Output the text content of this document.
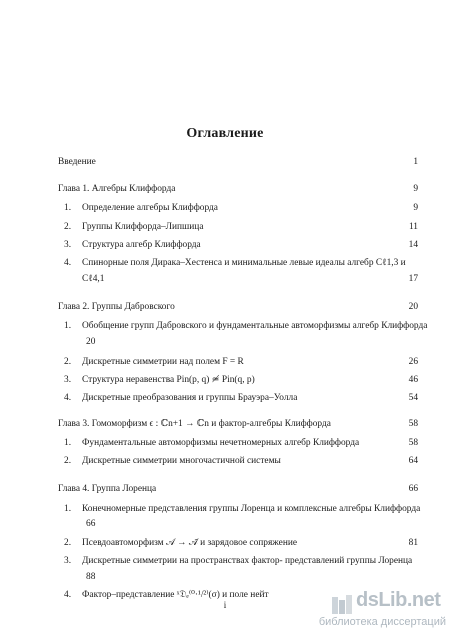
Оглавление
Введение	1
Глава 1. Алгебры Клиффорда	9
1. Определение алгебры Клиффорда	9
2. Группы Клиффорда–Липшица	11
3. Структура алгебр Клиффорда	14
4. Спинорные поля Дирака–Хестенса и минимальные левые идеалы алгебр Cℓ1,3 и
Cℓ4,1	17
Глава 2. Группы Дабровского	20
1. Обобщение групп Дабровского и фундаментальные автоморфизмы алгебр Клиффорда
20
2. Дискретные симметрии над полем F = R	26
3. Структура неравенства Pin(p, q) ≄ Pin(q, p)	46
4. Дискретные преобразования и группы Брауэра–Уолла	54
Глава 3. Гомоморфизм ϵ : ℂn+1 → ℂn и фактор-алгебры Клиффорда	58
1. Фундаментальные автоморфизмы нечетномерных алгебр Клиффорда	58
2. Дискретные симметрии многочастичной системы	64
Глава 4. Группа Лоренца	66
1. Конечномерные представления группы Лоренца и комплексные алгебры Клиффорда
66
2. Псевдоавтоморфизм 𝒜 → 𝒜̄ и зарядовое сопряжение	81
3. Дискретные симметрии на пространствах фактор- представлений группы Лоренца
88
4. Фактор–представление ˣ𝔇ₑ⁽⁰·¹/²⁾(σ) и поле нейт
i	dsLib.net
библиотека диссертаций
